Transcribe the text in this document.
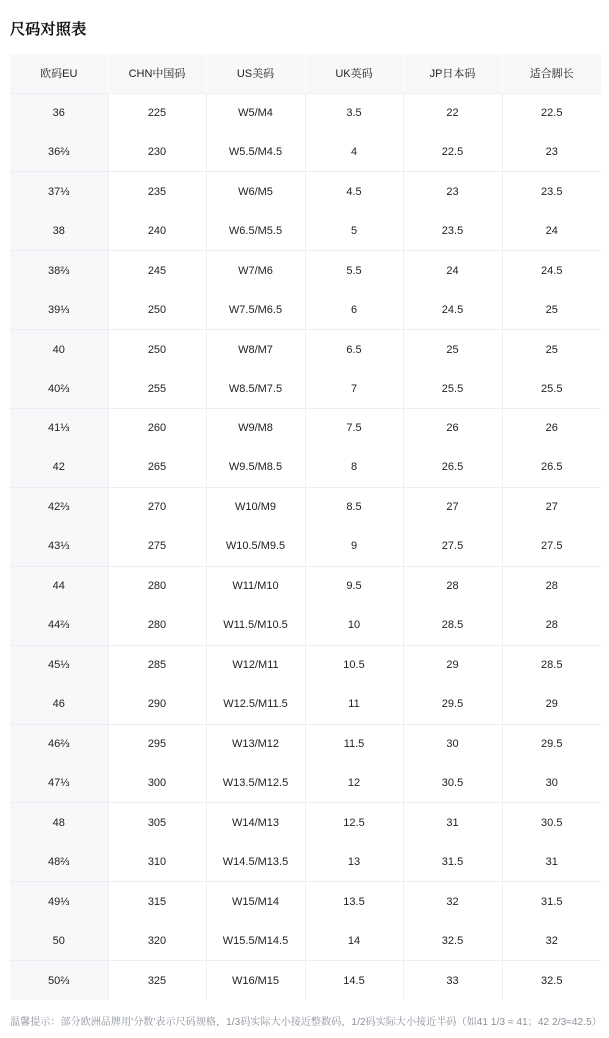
尺码对照表
欧码EU	CHN中国码	US美码	UK英码	JP日本码	适合脚长
36	225	W5/M4	3.5	22	22.5
36⅔	230	W5.5/M4.5	4	22.5	23
37⅓	235	W6/M5	4.5	23	23.5
38	240	W6.5/M5.5	5	23.5	24
38⅔	245	W7/M6	5.5	24	24.5
39⅓	250	W7.5/M6.5	6	24.5	25
40	250	W8/M7	6.5	25	25
40⅔	255	W8.5/M7.5	7	25.5	25.5
41⅓	260	W9/M8	7.5	26	26
42	265	W9.5/M8.5	8	26.5	26.5
42⅔	270	W10/M9	8.5	27	27
43⅓	275	W10.5/M9.5	9	27.5	27.5
44	280	W11/M10	9.5	28	28
44⅔	280	W11.5/M10.5	10	28.5	28
45⅓	285	W12/M11	10.5	29	28.5
46	290	W12.5/M11.5	11	29.5	29
46⅔	295	W13/M12	11.5	30	29.5
47⅓	300	W13.5/M12.5	12	30.5	30
48	305	W14/M13	12.5	31	30.5
48⅔	310	W14.5/M13.5	13	31.5	31
49⅓	315	W15/M14	13.5	32	31.5
50	320	W15.5/M14.5	14	32.5	32
50⅔	325	W16/M15	14.5	33	32.5
温馨提示：部分欧洲品牌用'分数'表示尺码规格，1/3码实际大小接近整数码，1/2码实际大小接近半码（如41 1/3 ≈ 41；42 2/3≈42.5）
